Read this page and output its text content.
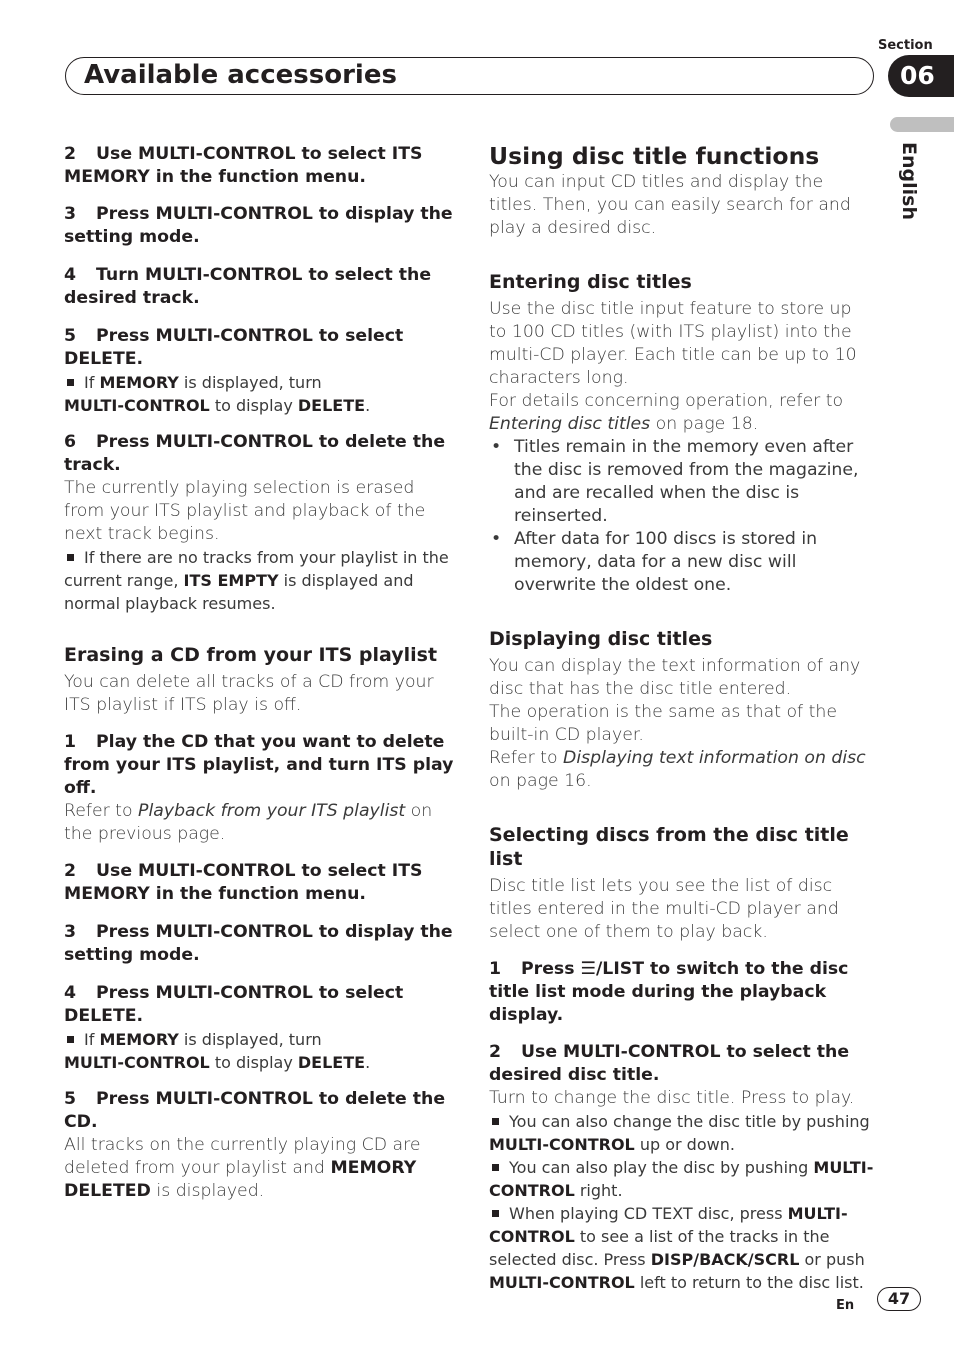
Section
Available accessories	06
English

2 Use MULTI-CONTROL to select ITS MEMORY in the function menu.

3 Press MULTI-CONTROL to display the setting mode.

4 Turn MULTI-CONTROL to select the desired track.

5 Press MULTI-CONTROL to select DELETE.

If MEMORY is displayed, turn
MULTI-CONTROL to display DELETE.

6 Press MULTI-CONTROL to delete the track.

The currently playing selection is erased from your ITS playlist and playback of the next track begins.

If there are no tracks from your playlist in the current range, ITS EMPTY is displayed and normal playback resumes.

Erasing a CD from your ITS playlist

You can delete all tracks of a CD from your ITS playlist if ITS play is off.

1 Play the CD that you want to delete from your ITS playlist, and turn ITS play off.

Refer to Playback from your ITS playlist on the previous page.

2 Use MULTI-CONTROL to select ITS MEMORY in the function menu.

3 Press MULTI-CONTROL to display the setting mode.

4 Press MULTI-CONTROL to select DELETE.

If MEMORY is displayed, turn
MULTI-CONTROL to display DELETE.

5 Press MULTI-CONTROL to delete the CD.

All tracks on the currently playing CD are deleted from your playlist and MEMORY DELETED is displayed.

Using disc title functions

You can input CD titles and display the titles. Then, you can easily search for and play a desired disc.

Entering disc titles

Use the disc title input feature to store up to 100 CD titles (with ITS playlist) into the multi-CD player. Each title can be up to 10 characters long.

For details concerning operation, refer to Entering disc titles on page 18.

• Titles remain in the memory even after the disc is removed from the magazine, and are recalled when the disc is reinserted.

• After data for 100 discs is stored in memory, data for a new disc will overwrite the oldest one.

Displaying disc titles

You can display the text information of any disc that has the disc title entered.

The operation is the same as that of the built-in CD player.

Refer to Displaying text information on disc on page 16.

Selecting discs from the disc title list

Disc title list lets you see the list of disc titles entered in the multi-CD player and select one of them to play back.

1 Press ☰/LIST to switch to the disc title list mode during the playback display.

2 Use MULTI-CONTROL to select the desired disc title.

Turn to change the disc title. Press to play.

You can also change the disc title by pushing MULTI-CONTROL up or down.

You can also play the disc by pushing MULTI-CONTROL right.

When playing CD TEXT disc, press MULTI-CONTROL to see a list of the tracks in the selected disc. Press DISP/BACK/SCRL or push MULTI-CONTROL left to return to the disc list.

En	47
